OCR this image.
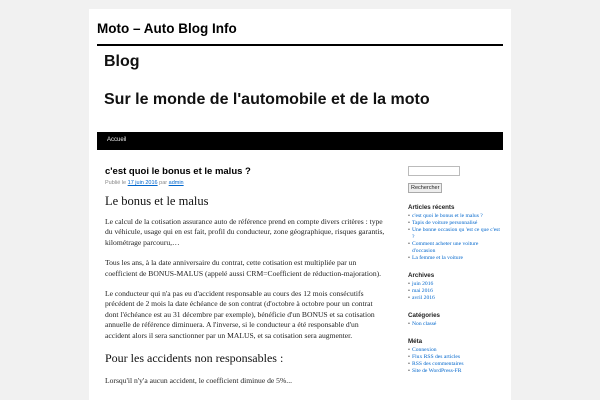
Moto – Auto Blog Info
Blog
Sur le monde de l'automobile et de la moto
Accueil
c'est quoi le bonus et le malus ?
Publié le 17 juin 2016 par admin
Le bonus et le malus

Le calcul de la cotisation assurance auto de référence prend en compte divers critères : type du véhicule, usage qui en est fait, profil du conducteur, zone géographique, risques garantis, kilométrage parcouru,…

Tous les ans, à la date anniversaire du contrat, cette cotisation est multipliée par un coefficient de BONUS-MALUS (appelé aussi CRM=Coefficient de réduction-majoration).

Le conducteur qui n'a pas eu d'accident responsable au cours des 12 mois consécutifs précédent de 2 mois la date échéance de son contrat (d'octobre à octobre pour un contrat dont l'échéance est au 31 décembre par exemple), bénéficie d'un BONUS et sa cotisation annuelle de référence diminuera. A l'inverse, si le conducteur a été responsable d'un accident alors il sera sanctionner par un MALUS, et sa cotisation sera augmenter.

Pour les accidents non responsables :
Lorsqu'il n'y'a aucun accident, le coefficient diminue de 5%...
Rechercher
Articles récents
• c'est quoi le bonus et le malus ?
• Tapis de voiture personnalisé
• Une bonne occasion qu 'est ce que c'est ?
• Comment acheter une voiture d'occasion
• La femme et la voiture
Archives
• juin 2016
• mai 2016
• avril 2016
Catégories
• Non classé
Méta
• Connexion
• Flux RSS des articles
• RSS des commentaires
• Site de WordPress-FR
